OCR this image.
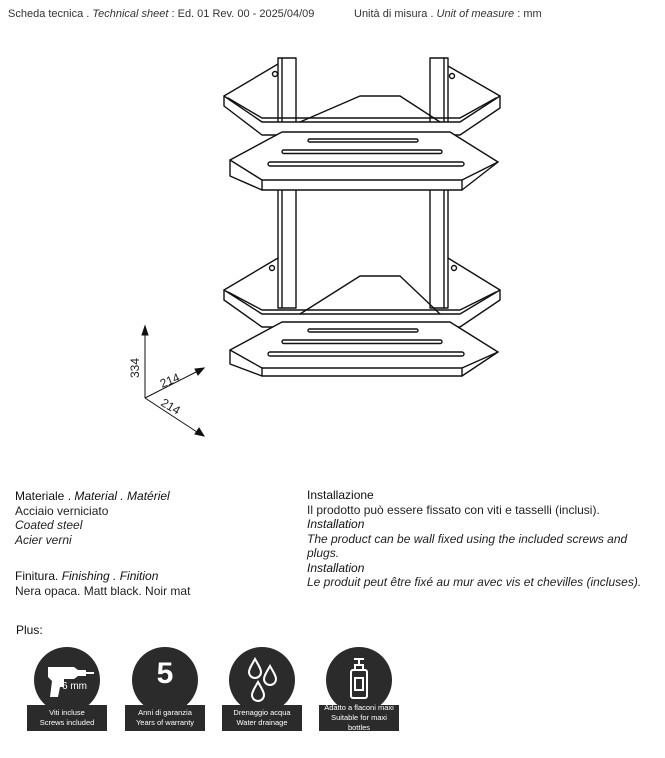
Scheda tecnica . Technical sheet : Ed. 01 Rev. 00 - 2025/04/09	Unità di misura . Unit of measure : mm
334
214
214
Materiale . Material . Matériel
Acciaio verniciato
Coated steel
Acier verni
Finitura. Finishing . Finition
Nera opaca. Matt black. Noir mat
Installazione
Il prodotto può essere fissato con viti e tasselli (inclusi).
Installation
The product can be wall fixed using the included screws and plugs.
Installation
Le produit peut être fixé au mur avec vis et chevilles (incluses).
Plus:
6 mm
Viti incluse
Screws included
5
Anni di garanzia
Years of warranty
Drenaggio acqua
Water drainage
Adatto a flaconi maxi
Suitable for maxi bottles
